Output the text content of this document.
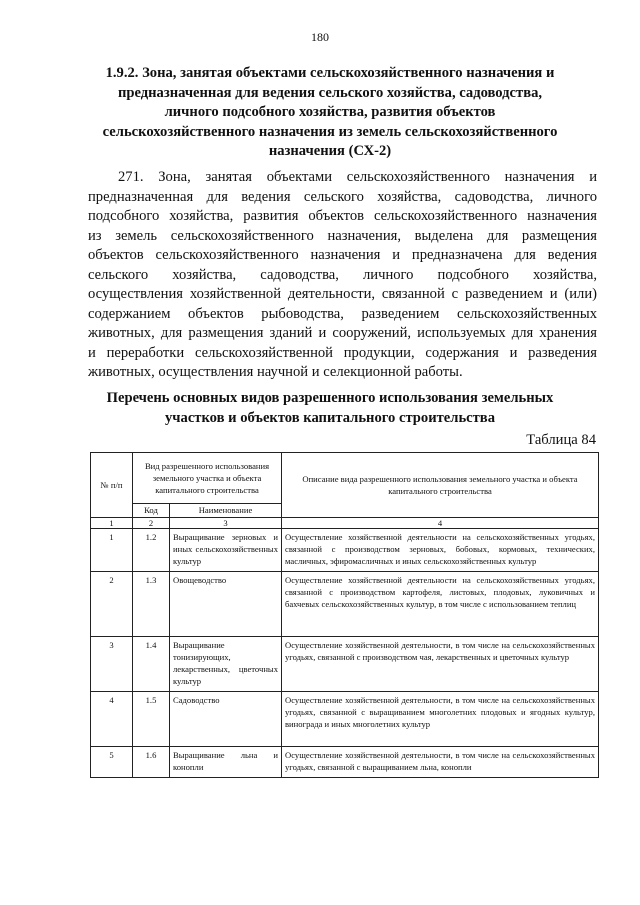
180
1.9.2. Зона, занятая объектами сельскохозяйственного назначения и
предназначенная для ведения сельского хозяйства, садоводства,
личного подсобного хозяйства, развития объектов
сельскохозяйственного назначения из земель сельскохозяйственного
назначения (СХ-2)
271. Зона, занятая объектами сельскохозяйственного назначения и
предназначенная для ведения сельского хозяйства, садоводства, личного
подсобного хозяйства, развития объектов сельскохозяйственного назначения
из земель сельскохозяйственного назначения, выделена для размещения
объектов сельскохозяйственного назначения и предназначена для ведения
сельского хозяйства, садоводства, личного подсобного хозяйства,
осуществления хозяйственной деятельности, связанной с разведением и (или)
содержанием объектов рыбоводства, разведением сельскохозяйственных
животных, для размещения зданий и сооружений, используемых для хранения
и переработки сельскохозяйственной продукции, содержания и разведения
животных, осуществления научной и селекционной работы.
Перечень основных видов разрешенного использования земельных
участков и объектов капитального строительства
Таблица 84
№ п/п	Вид разрешенного использования земельного участка и объекта капитального строительства		Описание вида разрешенного использования земельного участка и объекта капитального строительства
	Код	Наименование	
1	2	3	4
1	1.2	Выращивание зерновых и иных сельскохозяйственных культур	Осуществление хозяйственной деятельности на сельскохозяйственных угодьях, связанной с производством зерновых, бобовых, кормовых, технических, масличных, эфиромасличных и иных сельскохозяйственных культур
2	1.3	Овощеводство	Осуществление хозяйственной деятельности на сельскохозяйственных угодьях, связанной с производством картофеля, листовых, плодовых, луковичных и бахчевых сельскохозяйственных культур, в том числе с использованием теплиц
3	1.4	Выращивание тонизирующих, лекарственных, цветочных культур	Осуществление хозяйственной деятельности, в том числе на сельскохозяйственных угодьях, связанной с производством чая, лекарственных и цветочных культур
4	1.5	Садоводство	Осуществление хозяйственной деятельности, в том числе на сельскохозяйственных угодьях, связанной с выращиванием многолетних плодовых и ягодных культур, винограда и иных многолетних культур
5	1.6	Выращивание льна и конопли	Осуществление хозяйственной деятельности, в том числе на сельскохозяйственных угодьях, связанной с выращиванием льна, конопли
